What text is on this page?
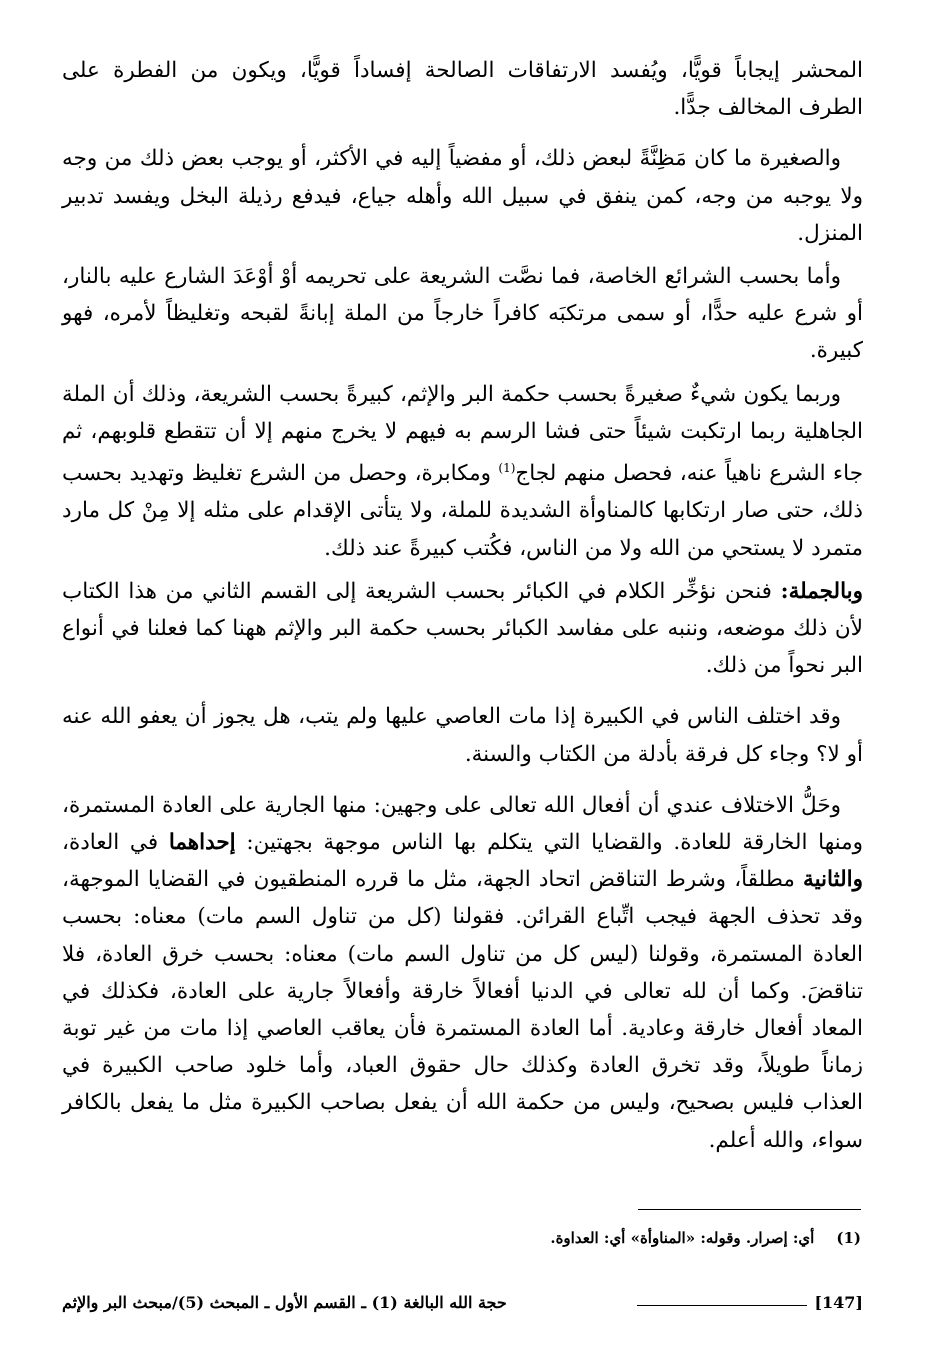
المحشر إيجاباً قويًّا، ويُفسد الارتفاقات الصالحة إفساداً قويًّا، ويكون من الفطرة على الطرف المخالف جدًّا.

والصغيرة ما كان مَظِنَّةً لبعض ذلك، أو مفضياً إليه في الأكثر، أو يوجب بعض ذلك من وجه ولا يوجبه من وجه، كمن ينفق في سبيل الله وأهله جياع، فيدفع رذيلة البخل ويفسد تدبير المنزل.

وأما بحسب الشرائع الخاصة، فما نصَّت الشريعة على تحريمه أوْ أوْعَدَ الشارع عليه بالنار، أو شرع عليه حدًّا، أو سمى مرتكبَه كافراً خارجاً من الملة إبانةً لقبحه وتغليظاً لأمره، فهو كبيرة.

وربما يكون شيءٌ صغيرةً بحسب حكمة البر والإثم، كبيرةً بحسب الشريعة، وذلك أن الملة الجاهلية ربما ارتكبت شيئاً حتى فشا الرسم به فيهم لا يخرج منهم إلا أن تتقطع قلوبهم، ثم جاء الشرع ناهياً عنه، فحصل منهم لجاج$^{(1)}$ ومكابرة، وحصل من الشرع تغليظ وتهديد بحسب ذلك، حتى صار ارتكابها كالمناوأة الشديدة للملة، ولا يتأتى الإقدام على مثله إلا مِنْ كل مارد متمرد لا يستحي من الله ولا من الناس، فكُتب كبيرةً عند ذلك.

وبالجملة: فنحن نؤخِّر الكلام في الكبائر بحسب الشريعة إلى القسم الثاني من هذا الكتاب لأن ذلك موضعه، وننبه على مفاسد الكبائر بحسب حكمة البر والإثم ههنا كما فعلنا في أنواع البر نحواً من ذلك.

وقد اختلف الناس في الكبيرة إذا مات العاصي عليها ولم يتب، هل يجوز أن يعفو الله عنه أو لا؟ وجاء كل فرقة بأدلة من الكتاب والسنة.

وحَلُّ الاختلاف عندي أن أفعال الله تعالى على وجهين: منها الجارية على العادة المستمرة، ومنها الخارقة للعادة. والقضايا التي يتكلم بها الناس موجهة بجهتين: إحداهما في العادة، والثانية مطلقاً، وشرط التناقض اتحاد الجهة، مثل ما قرره المنطقيون في القضايا الموجهة، وقد تحذف الجهة فيجب اتِّباع القرائن. فقولنا (كل من تناول السم مات) معناه: بحسب العادة المستمرة، وقولنا (ليس كل من تناول السم مات) معناه: بحسب خرق العادة، فلا تناقضَ. وكما أن لله تعالى في الدنيا أفعالاً خارقة وأفعالاً جارية على العادة، فكذلك في المعاد أفعال خارقة وعادية. أما العادة المستمرة فأن يعاقب العاصي إذا مات من غير توبة زماناً طويلاً، وقد تخرق العادة وكذلك حال حقوق العباد، وأما خلود صاحب الكبيرة في العذاب فليس بصحيح، وليس من حكمة الله أن يفعل بصاحب الكبيرة مثل ما يفعل بالكافر سواء، والله أعلم.

(1)أي: إصرار. وقوله: «المناوأة» أي: العداوة.
[147]
حجة الله البالغة (1) ـ القسم الأول ـ المبحث (5)/مبحث البر والإثم
